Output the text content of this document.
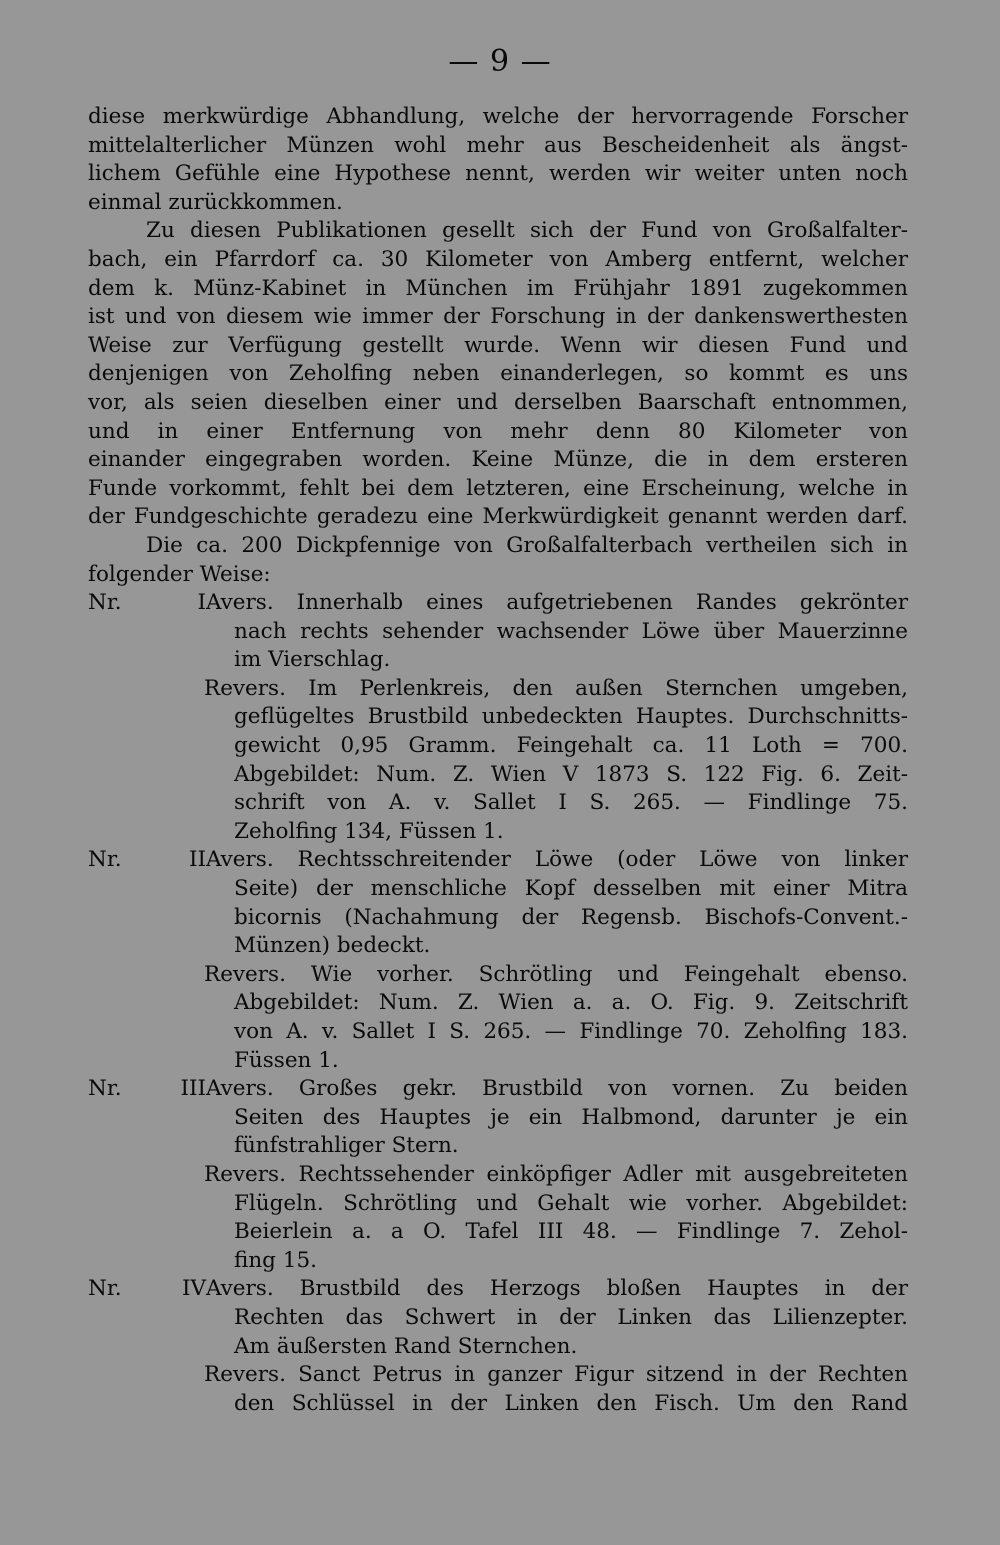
— 9 —
diese merkwürdige Abhandlung, welche der hervorragende Forscher
mittelalterlicher Münzen wohl mehr aus Bescheidenheit als ängst-
lichem Gefühle eine Hypothese nennt, werden wir weiter unten noch
einmal zurückkommen.
Zu diesen Publikationen gesellt sich der Fund von Großalfalter-
bach, ein Pfarrdorf ca. 30 Kilometer von Amberg entfernt, welcher
dem k. Münz-Kabinet in München im Frühjahr 1891 zugekommen
ist und von diesem wie immer der Forschung in der dankenswerthesten
Weise zur Verfügung gestellt wurde. Wenn wir diesen Fund und
denjenigen von Zeholfing neben einanderlegen, so kommt es uns
vor, als seien dieselben einer und derselben Baarschaft entnommen,
und in einer Entfernung von mehr denn 80 Kilometer von
einander eingegraben worden. Keine Münze, die in dem ersteren
Funde vorkommt, fehlt bei dem letzteren, eine Erscheinung, welche in
der Fundgeschichte geradezu eine Merkwürdigkeit genannt werden darf.
Die ca. 200 Dickpfennige von Großalfalterbach vertheilen sich in
folgender Weise:
Nr. IAvers. Innerhalb eines aufgetriebenen Randes gekrönter
nach rechts sehender wachsender Löwe über Mauerzinne
im Vierschlag.
Revers. Im Perlenkreis, den außen Sternchen umgeben,
geflügeltes Brustbild unbedeckten Hauptes. Durchschnitts-
gewicht 0,95 Gramm. Feingehalt ca. 11 Loth = 700.
Abgebildet: Num. Z. Wien V 1873 S. 122 Fig. 6. Zeit-
schrift von A. v. Sallet I S. 265. — Findlinge 75.
Zeholfing 134, Füssen 1.
Nr. IIAvers. Rechtsschreitender Löwe (oder Löwe von linker
Seite) der menschliche Kopf desselben mit einer Mitra
bicornis (Nachahmung der Regensb. Bischofs-Convent.-
Münzen) bedeckt.
Revers. Wie vorher. Schrötling und Feingehalt ebenso.
Abgebildet: Num. Z. Wien a. a. O. Fig. 9. Zeitschrift
von A. v. Sallet I S. 265. — Findlinge 70. Zeholfing 183.
Füssen 1.
Nr. IIIAvers. Großes gekr. Brustbild von vornen. Zu beiden
Seiten des Hauptes je ein Halbmond, darunter je ein
fünfstrahliger Stern.
Revers. Rechtssehender einköpfiger Adler mit ausgebreiteten
Flügeln. Schrötling und Gehalt wie vorher. Abgebildet:
Beierlein a. a O. Tafel III 48. — Findlinge 7. Zehol-
fing 15.
Nr. IVAvers. Brustbild des Herzogs bloßen Hauptes in der
Rechten das Schwert in der Linken das Lilienzepter.
Am äußersten Rand Sternchen.
Revers. Sanct Petrus in ganzer Figur sitzend in der Rechten
den Schlüssel in der Linken den Fisch. Um den Rand
